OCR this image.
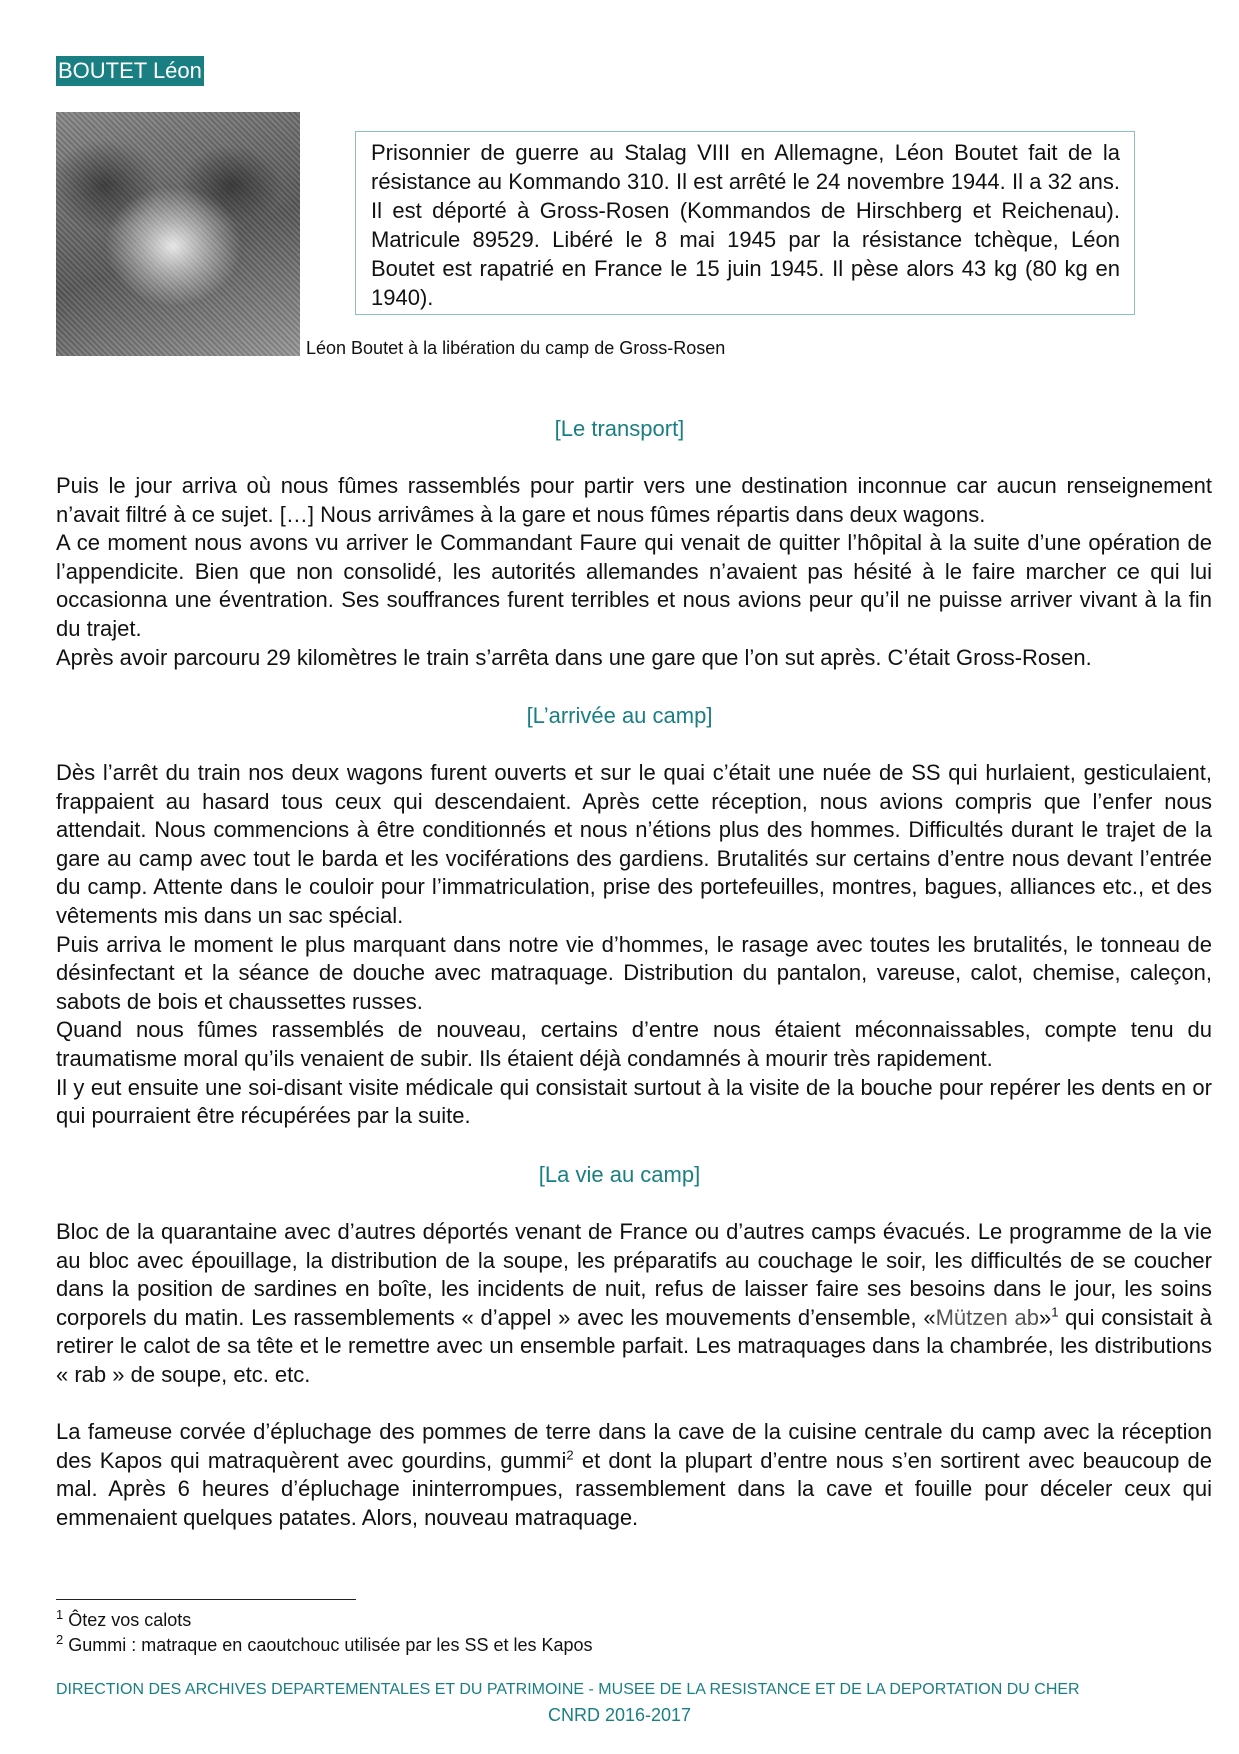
BOUTET Léon
Léon Boutet à la libération du camp de Gross-Rosen

Prisonnier de guerre au Stalag VIII en Allemagne, Léon Boutet fait de la résistance au Kommando 310. Il est arrêté le 24 novembre 1944. Il a 32 ans. Il est déporté à Gross-Rosen (Kommandos de Hirschberg et Reichenau). Matricule 89529. Libéré le 8 mai 1945 par la résistance tchèque, Léon Boutet est rapatrié en France le 15 juin 1945. Il pèse alors 43 kg (80 kg en 1940).

[Le transport]

Puis le jour arriva où nous fûmes rassemblés pour partir vers une destination inconnue car aucun renseignement n’avait filtré à ce sujet. […] Nous arrivâmes à la gare et nous fûmes répartis dans deux wagons.

A ce moment nous avons vu arriver le Commandant Faure qui venait de quitter l’hôpital à la suite d’une opération de l’appendicite. Bien que non consolidé, les autorités allemandes n’avaient pas hésité à le faire marcher ce qui lui occasionna une éventration. Ses souffrances furent terribles et nous avions peur qu’il ne puisse arriver vivant à la fin du trajet.

Après avoir parcouru 29 kilomètres le train s’arrêta dans une gare que l’on sut après. C’était Gross-Rosen.

[L’arrivée au camp]

Dès l’arrêt du train nos deux wagons furent ouverts et sur le quai c’était une nuée de SS qui hurlaient, gesticulaient, frappaient au hasard tous ceux qui descendaient. Après cette réception, nous avions compris que l’enfer nous attendait. Nous commencions à être conditionnés et nous n’étions plus des hommes. Difficultés durant le trajet de la gare au camp avec tout le barda et les vociférations des gardiens. Brutalités sur certains d’entre nous devant l’entrée du camp. Attente dans le couloir pour l’immatriculation, prise des portefeuilles, montres, bagues, alliances etc., et des vêtements mis dans un sac spécial.

Puis arriva le moment le plus marquant dans notre vie d’hommes, le rasage avec toutes les brutalités, le tonneau de désinfectant et la séance de douche avec matraquage. Distribution du pantalon, vareuse, calot, chemise, caleçon, sabots de bois et chaussettes russes.

Quand nous fûmes rassemblés de nouveau, certains d’entre nous étaient méconnaissables, compte tenu du traumatisme moral qu’ils venaient de subir. Ils étaient déjà condamnés à mourir très rapidement.

Il y eut ensuite une soi-disant visite médicale qui consistait surtout à la visite de la bouche pour repérer les dents en or qui pourraient être récupérées par la suite.

[La vie au camp]

Bloc de la quarantaine avec d’autres déportés venant de France ou d’autres camps évacués. Le programme de la vie au bloc avec épouillage, la distribution de la soupe, les préparatifs au couchage le soir, les difficultés de se coucher dans la position de sardines en boîte, les incidents de nuit, refus de laisser faire ses besoins dans le jour, les soins corporels du matin. Les rassemblements « d’appel » avec les mouvements d’ensemble, «Mützen ab»$^1$ qui consistait à retirer le calot de sa tête et le remettre avec un ensemble parfait. Les matraquages dans la chambrée, les distributions « rab » de soupe, etc. etc.

La fameuse corvée d’épluchage des pommes de terre dans la cave de la cuisine centrale du camp avec la réception des Kapos qui matraquèrent avec gourdins, gummi$^2$ et dont la plupart d’entre nous s’en sortirent avec beaucoup de mal. Après 6 heures d’épluchage ininterrompues, rassemblement dans la cave et fouille pour déceler ceux qui emmenaient quelques patates. Alors, nouveau matraquage.

$^1$ Ôtez vos calots

$^2$ Gummi : matraque en caoutchouc utilisée par les SS et les Kapos

DIRECTION DES ARCHIVES DEPARTEMENTALES ET DU PATRIMOINE - MUSEE DE LA RESISTANCE ET DE LA DEPORTATION DU CHER
CNRD 2016-2017
